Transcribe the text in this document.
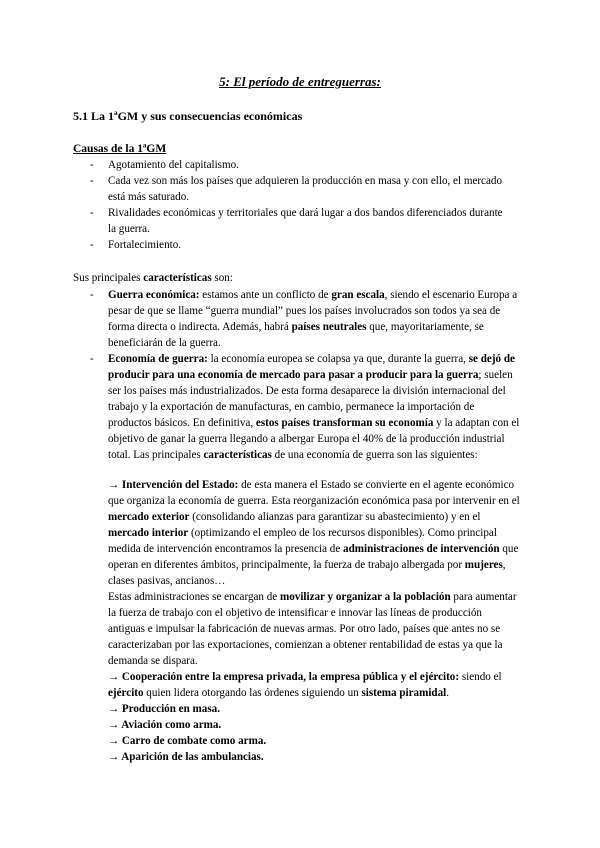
5: El período de entreguerras:
5.1 La 1ªGM y sus consecuencias económicas
Causas de la 1ªGM
- Agotamiento del capitalismo.
- Cada vez son más los países que adquieren la producción en masa y con ello, el mercado está más saturado.
- Rivalidades económicas y territoriales que dará lugar a dos bandos diferenciados durante la guerra.
- Fortalecimiento.
Sus principales características son:
- Guerra económica: estamos ante un conflicto de gran escala, siendo el escenario Europa a pesar de que se llame “guerra mundial” pues los países involucrados son todos ya sea de forma directa o indirecta. Además, habrá países neutrales que, mayoritariamente, se beneficiarán de la guerra.
- Economía de guerra: la economía europea se colapsa ya que, durante la guerra, se dejó de producir para una economía de mercado para pasar a producir para la guerra; suelen ser los países más industrializados. De esta forma desaparece la división internacional del trabajo y la exportación de manufacturas, en cambio, permanece la importación de productos básicos. En definitiva, estos países transforman su economía y la adaptan con el objetivo de ganar la guerra llegando a albergar Europa el 40% de la producción industrial total. Las principales características de una economía de guerra son las siguientes:
→ Intervención del Estado: de esta manera el Estado se convierte en el agente económico que organiza la economía de guerra. Esta reorganización económica pasa por intervenir en el mercado exterior (consolidando alianzas para garantizar su abastecimiento) y en el mercado interior (optimizando el empleo de los recursos disponibles). Como principal medida de intervención encontramos la presencia de administraciones de intervención que operan en diferentes ámbitos, principalmente, la fuerza de trabajo albergada por mujeres, clases pasivas, ancianos…
Estas administraciones se encargan de movilizar y organizar a la población para aumentar la fuerza de trabajo con el objetivo de intensificar e innovar las líneas de producción antiguas e impulsar la fabricación de nuevas armas. Por otro lado, países que antes no se caracterizaban por las exportaciones, comienzan a obtener rentabilidad de estas ya que la demanda se dispara.
→ Cooperación entre la empresa privada, la empresa pública y el ejército: siendo el ejército quien lidera otorgando las órdenes siguiendo un sistema piramidal.
→ Producción en masa.
→ Aviación como arma.
→ Carro de combate como arma.
→ Aparición de las ambulancias.
